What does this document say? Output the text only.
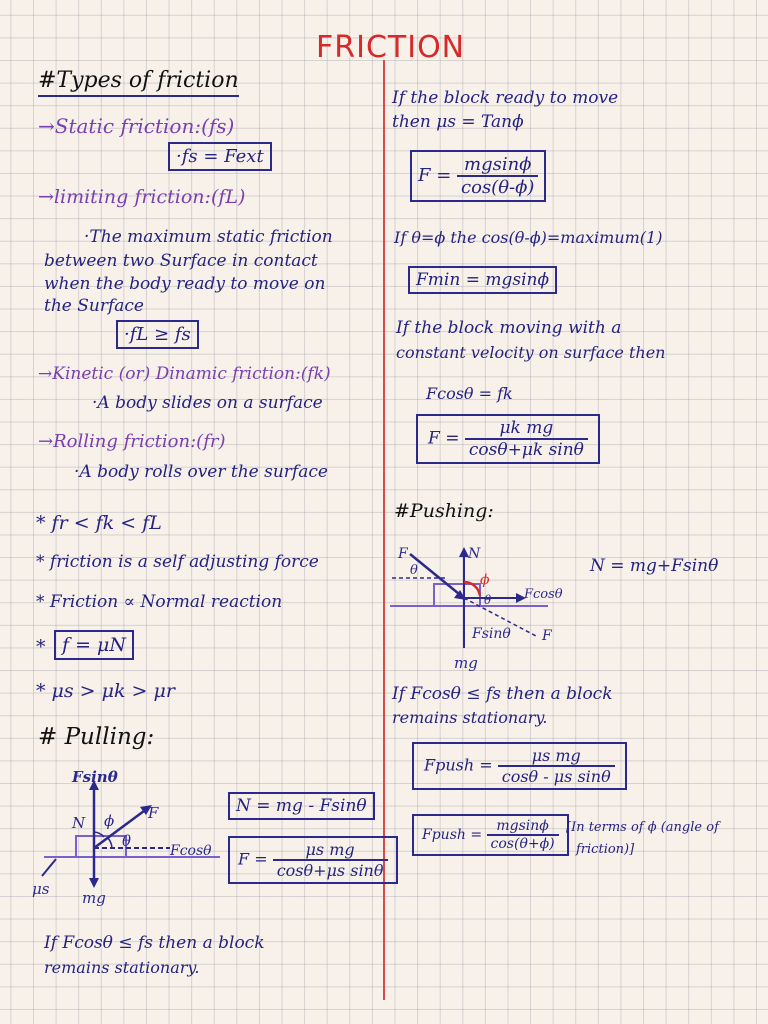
FRICTION
#Types of friction
→Static friction:(fs)
·fs = Fext
→limiting friction:(fL)
·The maximum static friction
between two Surface in contact
when the body ready to move on
the Surface
·fL ≥ fs
→Kinetic (or) Dinamic friction:(fk)
·A body slides on a surface
→Rolling friction:(fr)
·A body rolls over the surface
* fr < fk < fL
* friction is a self adjusting force
* Friction ∝ Normal reaction
* f = μN
* μs > μk > μr
# Pulling:
Fsinθ
N ϕ F
θ
Fcosθ
μs mg
N = mg - Fsinθ
$F = \frac{\text{μs mg}}{\text{cosθ+μs sinθ}}$
If Fcosθ ≤ fs then a block
remains stationary.
If the block ready to move
then μs = Tanϕ
$F = \frac{mgsin\phi}{\cos(\theta-\phi)}$
If θ=ϕ the cos(θ-ϕ)=maximum(1)
Fmin = mgsinϕ
If the block moving with a
constant velocity on surface then
Fcosθ = fk
$F = \frac{\text{μk mg}}{\text{cosθ+μk sinθ}}$
#Pushing:
F	N
ϕ
θ
θ	Fcosθ
Fsinθ F
mg
N = mg+Fsinθ
If Fcosθ ≤ fs then a block
remains stationary.
Fpush = $\frac{\text{μs mg}}{\text{cosθ - μs sinθ}}$
Fpush = $\frac{mgsin\phi}{\cos(\theta+\phi)} [In$ terms of ϕ (angle of
friction)]
